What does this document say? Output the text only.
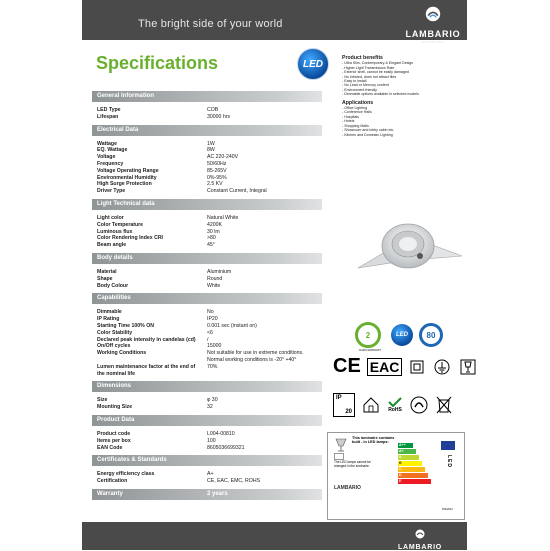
The bright side of your world
LAMBARIO
•••••••••
Specifications	LED
General Information
LED Type	COB
Lifespan	30000 hrs
Electrical Data
Wattage	1W
EQ. Wattage	8W
Voltage	AC 220-240V
Frequency	50/60Hz
Voltage Operating Range	85-265V
Environmental Humidity	0%-95%
High Surge Protection	2.5 KV
Driver Type	Constant Current, Integral
Light Technical data
Light color	Natural White
Color Temperature	4200K
Luminous flux	30 lm
Color Rendering Index CRI	>80
Beam angle	45°
Body details
Material	Aluminium
Shape	Round
Body Colour	White
Capabilities
Dimmable	No
IP Rating	IP20
Starting Time 100% ON	0.001 sec (instant on)
Color Stability	<6
Declared peak intensity in candelas (cd)	/
On/Off cycles	15000
Working Conditions	Not suitable for use in extreme conditions.
Normal working conditions is -20° +40°
Lumen maintenance factor at the end of	70%
the nominal life
Dimensions
Size	φ 30
Mounting Size	32
Product Data
Product code	L004-00810
Items per box	100
EAN Code	8605036699321
Certificates & Standards
Energy efficiency class	A+
Certification	CE, EAC, EMC, ROHS
Warranty	2 years
Product benefits
- Ultra Slim, Contemporary & Elegant Design
- Higher Light Transmission Rate
- Exterior shell, cannot be easily damaged
- No infrared, does not attract flies
- Easy to install
- No Lead or Mercury content
- Environment friendly
- Dimmable options available in selected models
Applications
- Office Lighting
- Conference Halls
- Hospitals
- Hotels
- Shopping Malls
- Showroom and lobby cabin etc.
- Kitchen and Domestic Lighting
2
YEARS WARRANTY
LED	80
CE EAC
IP
20	RoHS
This luminaire contains built - in LED lamps:
The LED lamps cannot be changed in the luminaire.
LAMBARIO
A++
A+
A
B
C
D
E
LED
874/2012
LAMBARIO
